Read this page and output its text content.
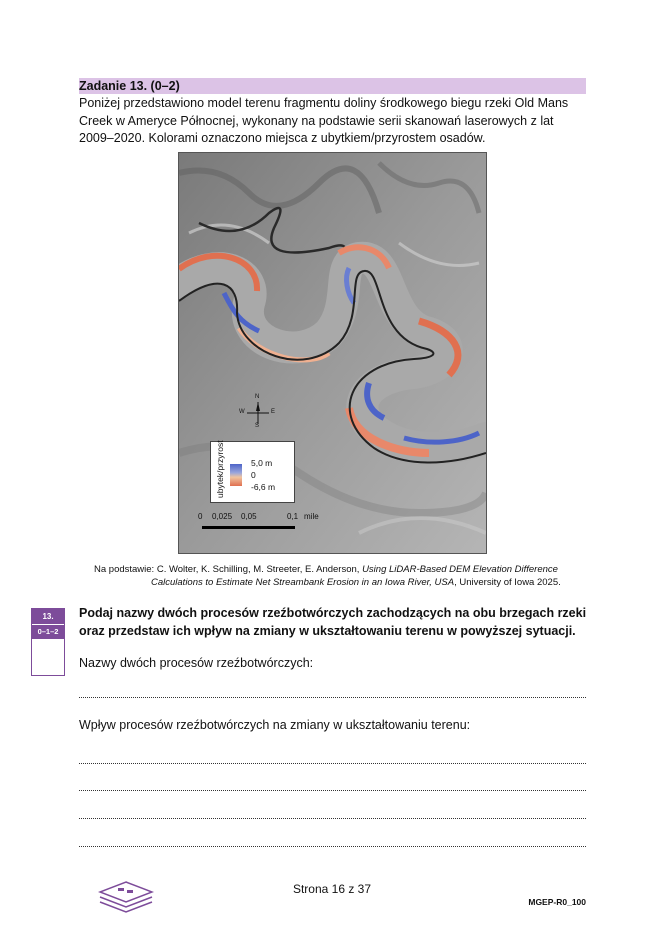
Zadanie 13. (0–2)
Poniżej przedstawiono model terenu fragmentu doliny środkowego biegu rzeki Old Mans Creek w Ameryce Północnej, wykonany na podstawie serii skanowań laserowych z lat 2009–2020. Kolorami oznaczono miejsca z ubytkiem/przyrostem osadów.
N
S
W	E
ubytek/przyrost	5,0 m
0
-6,6 m
0 0,025 0,05	0,1 mile
Na podstawie: C. Wolter, K. Schilling, M. Streeter, E. Anderson, Using LiDAR-Based DEM Elevation Difference
Calculations to Estimate Net Streambank Erosion in an Iowa River, USA, University of Iowa 2025.
13.
0–1–2
Podaj nazwy dwóch procesów rzeźbotwórczych zachodzących na obu brzegach rzeki oraz przedstaw ich wpływ na zmiany w ukształtowaniu terenu w powyższej sytuacji.
Nazwy dwóch procesów rzeźbotwórczych:
Wpływ procesów rzeźbotwórczych na zmiany w ukształtowaniu terenu:
Strona 16 z 37
MGEP-R0_100
